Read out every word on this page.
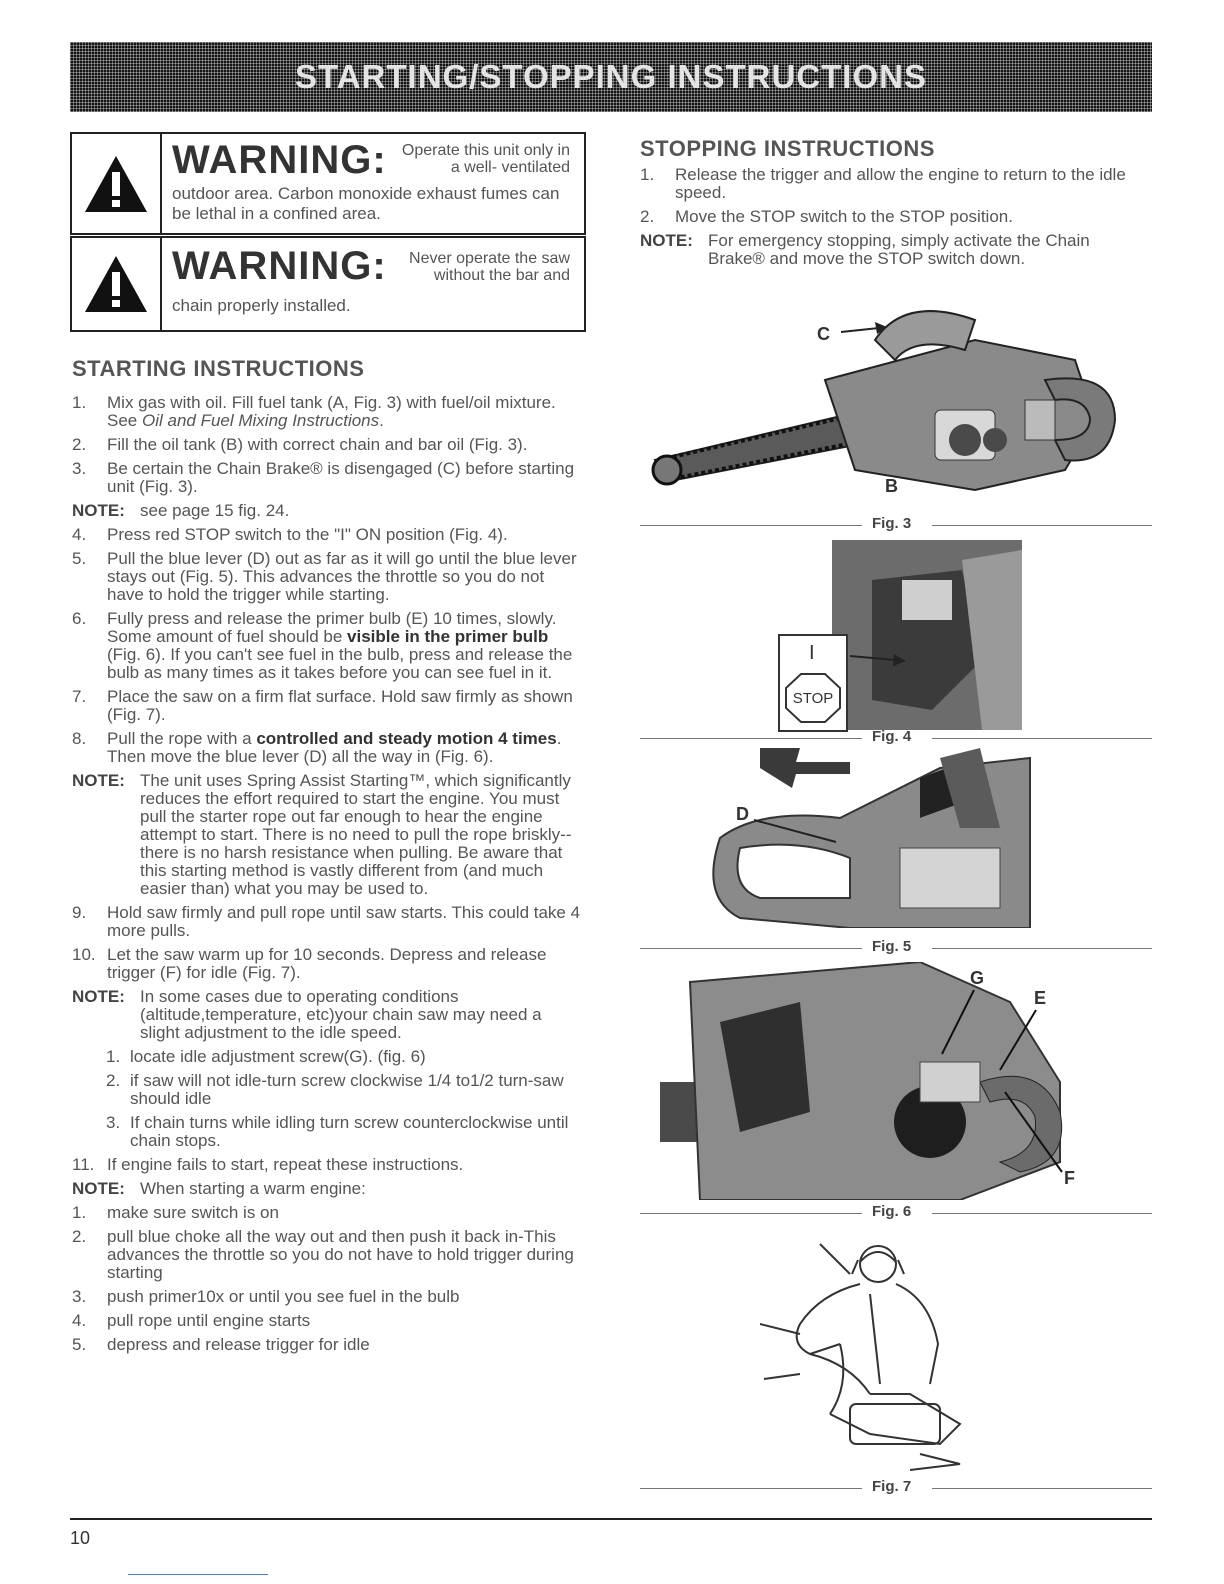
STARTING/STOPPING INSTRUCTIONS
WARNING: Operate this unit only in a well- ventilated
outdoor area. Carbon monoxide exhaust fumes can be lethal in a confined area.
WARNING:	Never operate the saw without the bar and
chain properly installed.
STARTING INSTRUCTIONS
1.	Mix gas with oil. Fill fuel tank (A, Fig. 3) with fuel/oil mixture. See Oil and Fuel Mixing Instructions.
2.	Fill the oil tank (B) with correct chain and bar oil (Fig. 3).
3.	Be certain the Chain Brake® is disengaged (C) before starting unit (Fig. 3).
NOTE: see page 15 fig. 24.
4.	Press red STOP switch to the "I" ON position (Fig. 4).
5.	Pull the blue lever (D) out as far as it will go until the blue lever stays out (Fig. 5). This advances the throttle so you do not have to hold the trigger while starting.
6.	Fully press and release the primer bulb (E) 10 times, slowly. Some amount of fuel should be visible in the primer bulb (Fig. 6). If you can't see fuel in the bulb, press and release the bulb as many times as it takes before you can see fuel in it.
7.	Place the saw on a firm flat surface. Hold saw firmly as shown (Fig. 7).
8.	Pull the rope with a controlled and steady motion 4 times. Then move the blue lever (D) all the way in (Fig. 6).
NOTE: The unit uses Spring Assist Starting™, which significantly reduces the effort required to start the engine. You must pull the starter rope out far enough to hear the engine attempt to start. There is no need to pull the rope briskly-- there is no harsh resistance when pulling. Be aware that this starting method is vastly different from (and much easier than) what you may be used to.
9.	Hold saw firmly and pull rope until saw starts. This could take 4 more pulls.
10. Let the saw warm up for 10 seconds. Depress and release trigger (F) for idle (Fig. 7).
NOTE: In some cases due to operating conditions (altitude,temperature, etc)your chain saw may need a slight adjustment to the idle speed.
1. locate idle adjustment screw(G). (fig. 6)
2. if saw will not idle-turn screw clockwise 1/4 to1/2 turn-saw should idle
3. If chain turns while idling turn screw counterclockwise until chain stops.
11. If engine fails to start, repeat these instructions.
NOTE: When starting a warm engine:
1.	make sure switch is on
2.	pull blue choke all the way out and then push it back in-This advances the throttle so you do not have to hold trigger during starting
3.	push primer10x or until you see fuel in the bulb
4.	pull rope until engine starts
5.	depress and release trigger for idle
STOPPING INSTRUCTIONS
1.	Release the trigger and allow the engine to return to the idle speed.
2.	Move the STOP switch to the STOP position.
NOTE: For emergency stopping, simply activate the Chain Brake® and move the STOP switch down.
C
B
Fig. 3
I
STOP
Fig. 4
D
Fig. 5
G
E
F
Fig. 6
Fig. 7
10
